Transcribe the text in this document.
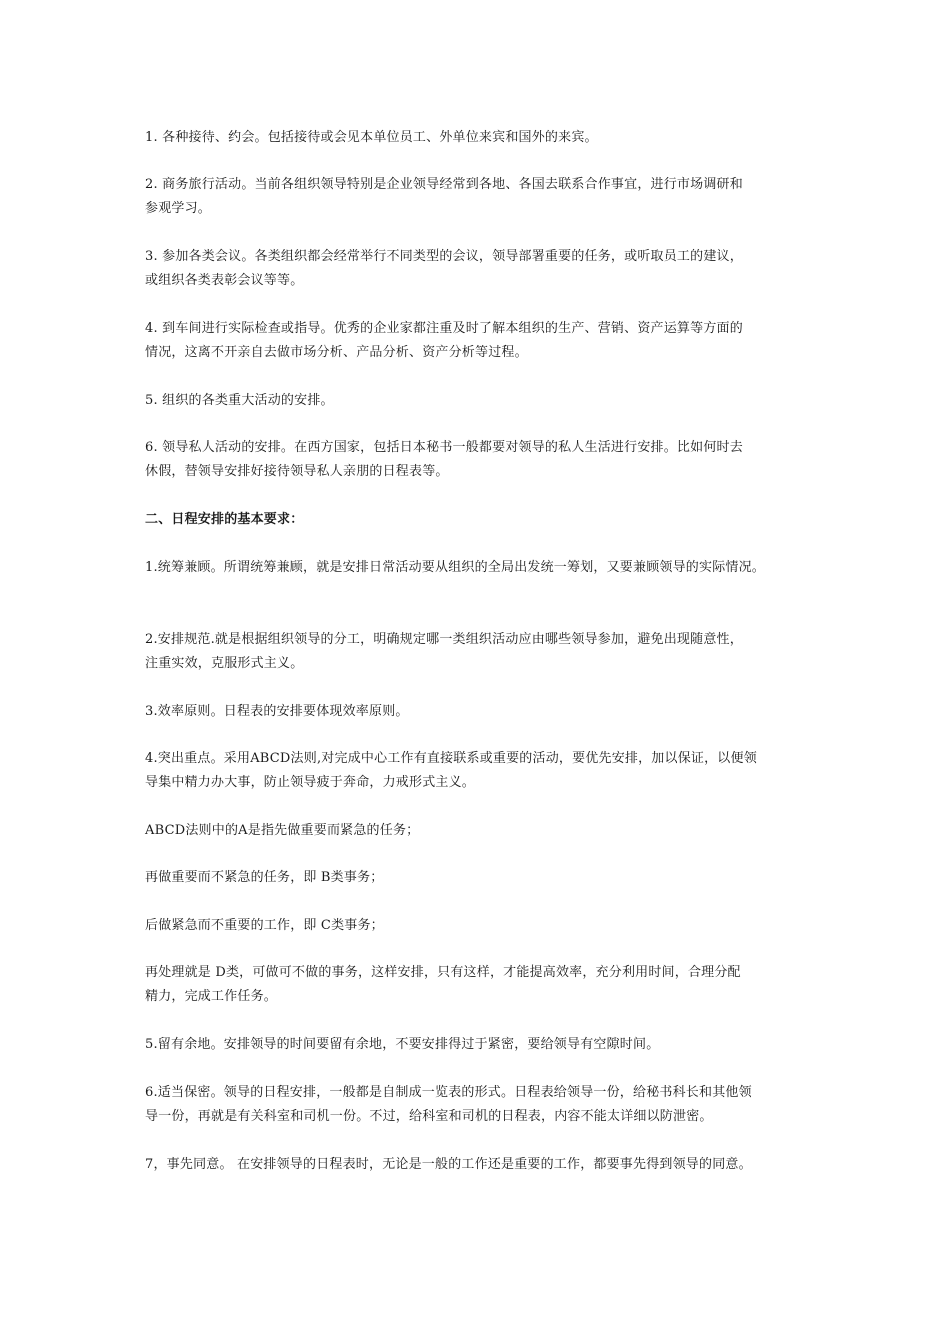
1. 各种接待、约会。包括接待或会见本单位员工、外单位来宾和国外的来宾。

2. 商务旅行活动。当前各组织领导特别是企业领导经常到各地、各国去联系合作事宜，进行市场调研和
参观学习。

3. 参加各类会议。各类组织都会经常举行不同类型的会议，领导部署重要的任务，或听取员工的建议，
或组织各类表彰会议等等。

4. 到车间进行实际检查或指导。优秀的企业家都注重及时了解本组织的生产、营销、资产运算等方面的
情况，这离不开亲自去做市场分析、产品分析、资产分析等过程。

5. 组织的各类重大活动的安排。

6. 领导私人活动的安排。在西方国家，包括日本秘书一般都要对领导的私人生活进行安排。比如何时去
休假，替领导安排好接待领导私人亲朋的日程表等。

二、日程安排的基本要求：

1.统筹兼顾。所谓统筹兼顾，就是安排日常活动要从组织的全局出发统一筹划，又要兼顾领导的实际情况。

2.安排规范.就是根据组织领导的分工，明确规定哪一类组织活动应由哪些领导参加，避免出现随意性，
注重实效，克服形式主义。

3.效率原则。日程表的安排要体现效率原则。

4.突出重点。采用ABCD法则,对完成中心工作有直接联系或重要的活动，要优先安排，加以保证，以便领
导集中精力办大事，防止领导疲于奔命，力戒形式主义。

ABCD法则中的A是指先做重要而紧急的任务；

再做重要而不紧急的任务，即 B类事务；

后做紧急而不重要的工作，即 C类事务；

再处理就是 D类，可做可不做的事务，这样安排，只有这样，才能提高效率，充分利用时间，合理分配
精力，完成工作任务。

5.留有余地。安排领导的时间要留有余地，不要安排得过于紧密，要给领导有空隙时间。

6.适当保密。领导的日程安排，一般都是自制成一览表的形式。日程表给领导一份，给秘书科长和其他领
导一份，再就是有关科室和司机一份。不过，给科室和司机的日程表，内容不能太详细以防泄密。

7，事先同意。 在安排领导的日程表时，无论是一般的工作还是重要的工作，都要事先得到领导的同意。
